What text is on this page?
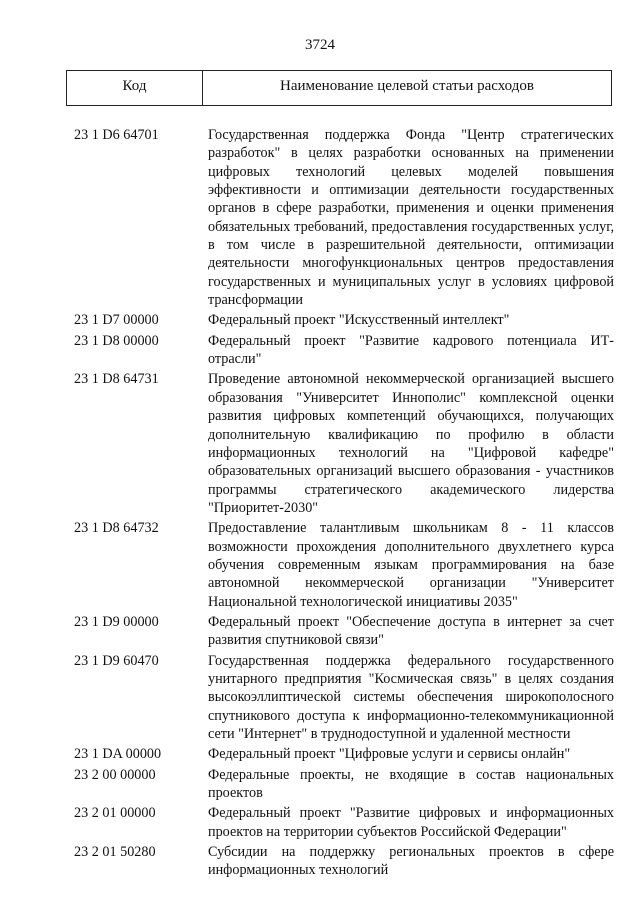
3724
Код	Наименование целевой статьи расходов
23 1 D6 64701	Государственная поддержка Фонда "Центр стратегических разработок" в целях разработки основанных на применении цифровых технологий целевых моделей повышения эффективности и оптимизации деятельности государственных органов в сфере разработки, применения и оценки применения обязательных требований, предоставления государственных услуг, в том числе в разрешительной деятельности, оптимизации деятельности многофункциональных центров предоставления государственных и муниципальных услуг в условиях цифровой трансформации
23 1 D7 00000	Федеральный проект "Искусственный интеллект"
23 1 D8 00000	Федеральный проект "Развитие кадрового потенциала ИТ-отрасли"
23 1 D8 64731	Проведение автономной некоммерческой организацией высшего образования "Университет Иннополис" комплексной оценки развития цифровых компетенций обучающихся, получающих дополнительную квалификацию по профилю в области информационных технологий на "Цифровой кафедре" образовательных организаций высшего образования - участников программы стратегического академического лидерства "Приоритет-2030"
23 1 D8 64732	Предоставление талантливым школьникам 8 - 11 классов возможности прохождения дополнительного двухлетнего курса обучения современным языкам программирования на базе автономной некоммерческой организации "Университет Национальной технологической инициативы 2035"
23 1 D9 00000	Федеральный проект "Обеспечение доступа в интернет за счет развития спутниковой связи"
23 1 D9 60470	Государственная поддержка федерального государственного унитарного предприятия "Космическая связь" в целях создания высокоэллиптической системы обеспечения широкополосного спутникового доступа к информационно-телекоммуникационной сети "Интернет" в труднодоступной и удаленной местности
23 1 DA 00000	Федеральный проект "Цифровые услуги и сервисы онлайн"
23 2 00 00000	Федеральные проекты, не входящие в состав национальных проектов
23 2 01 00000	Федеральный проект "Развитие цифровых и информационных проектов на территории субъектов Российской Федерации"
23 2 01 50280	Субсидии на поддержку региональных проектов в сфере информационных технологий
